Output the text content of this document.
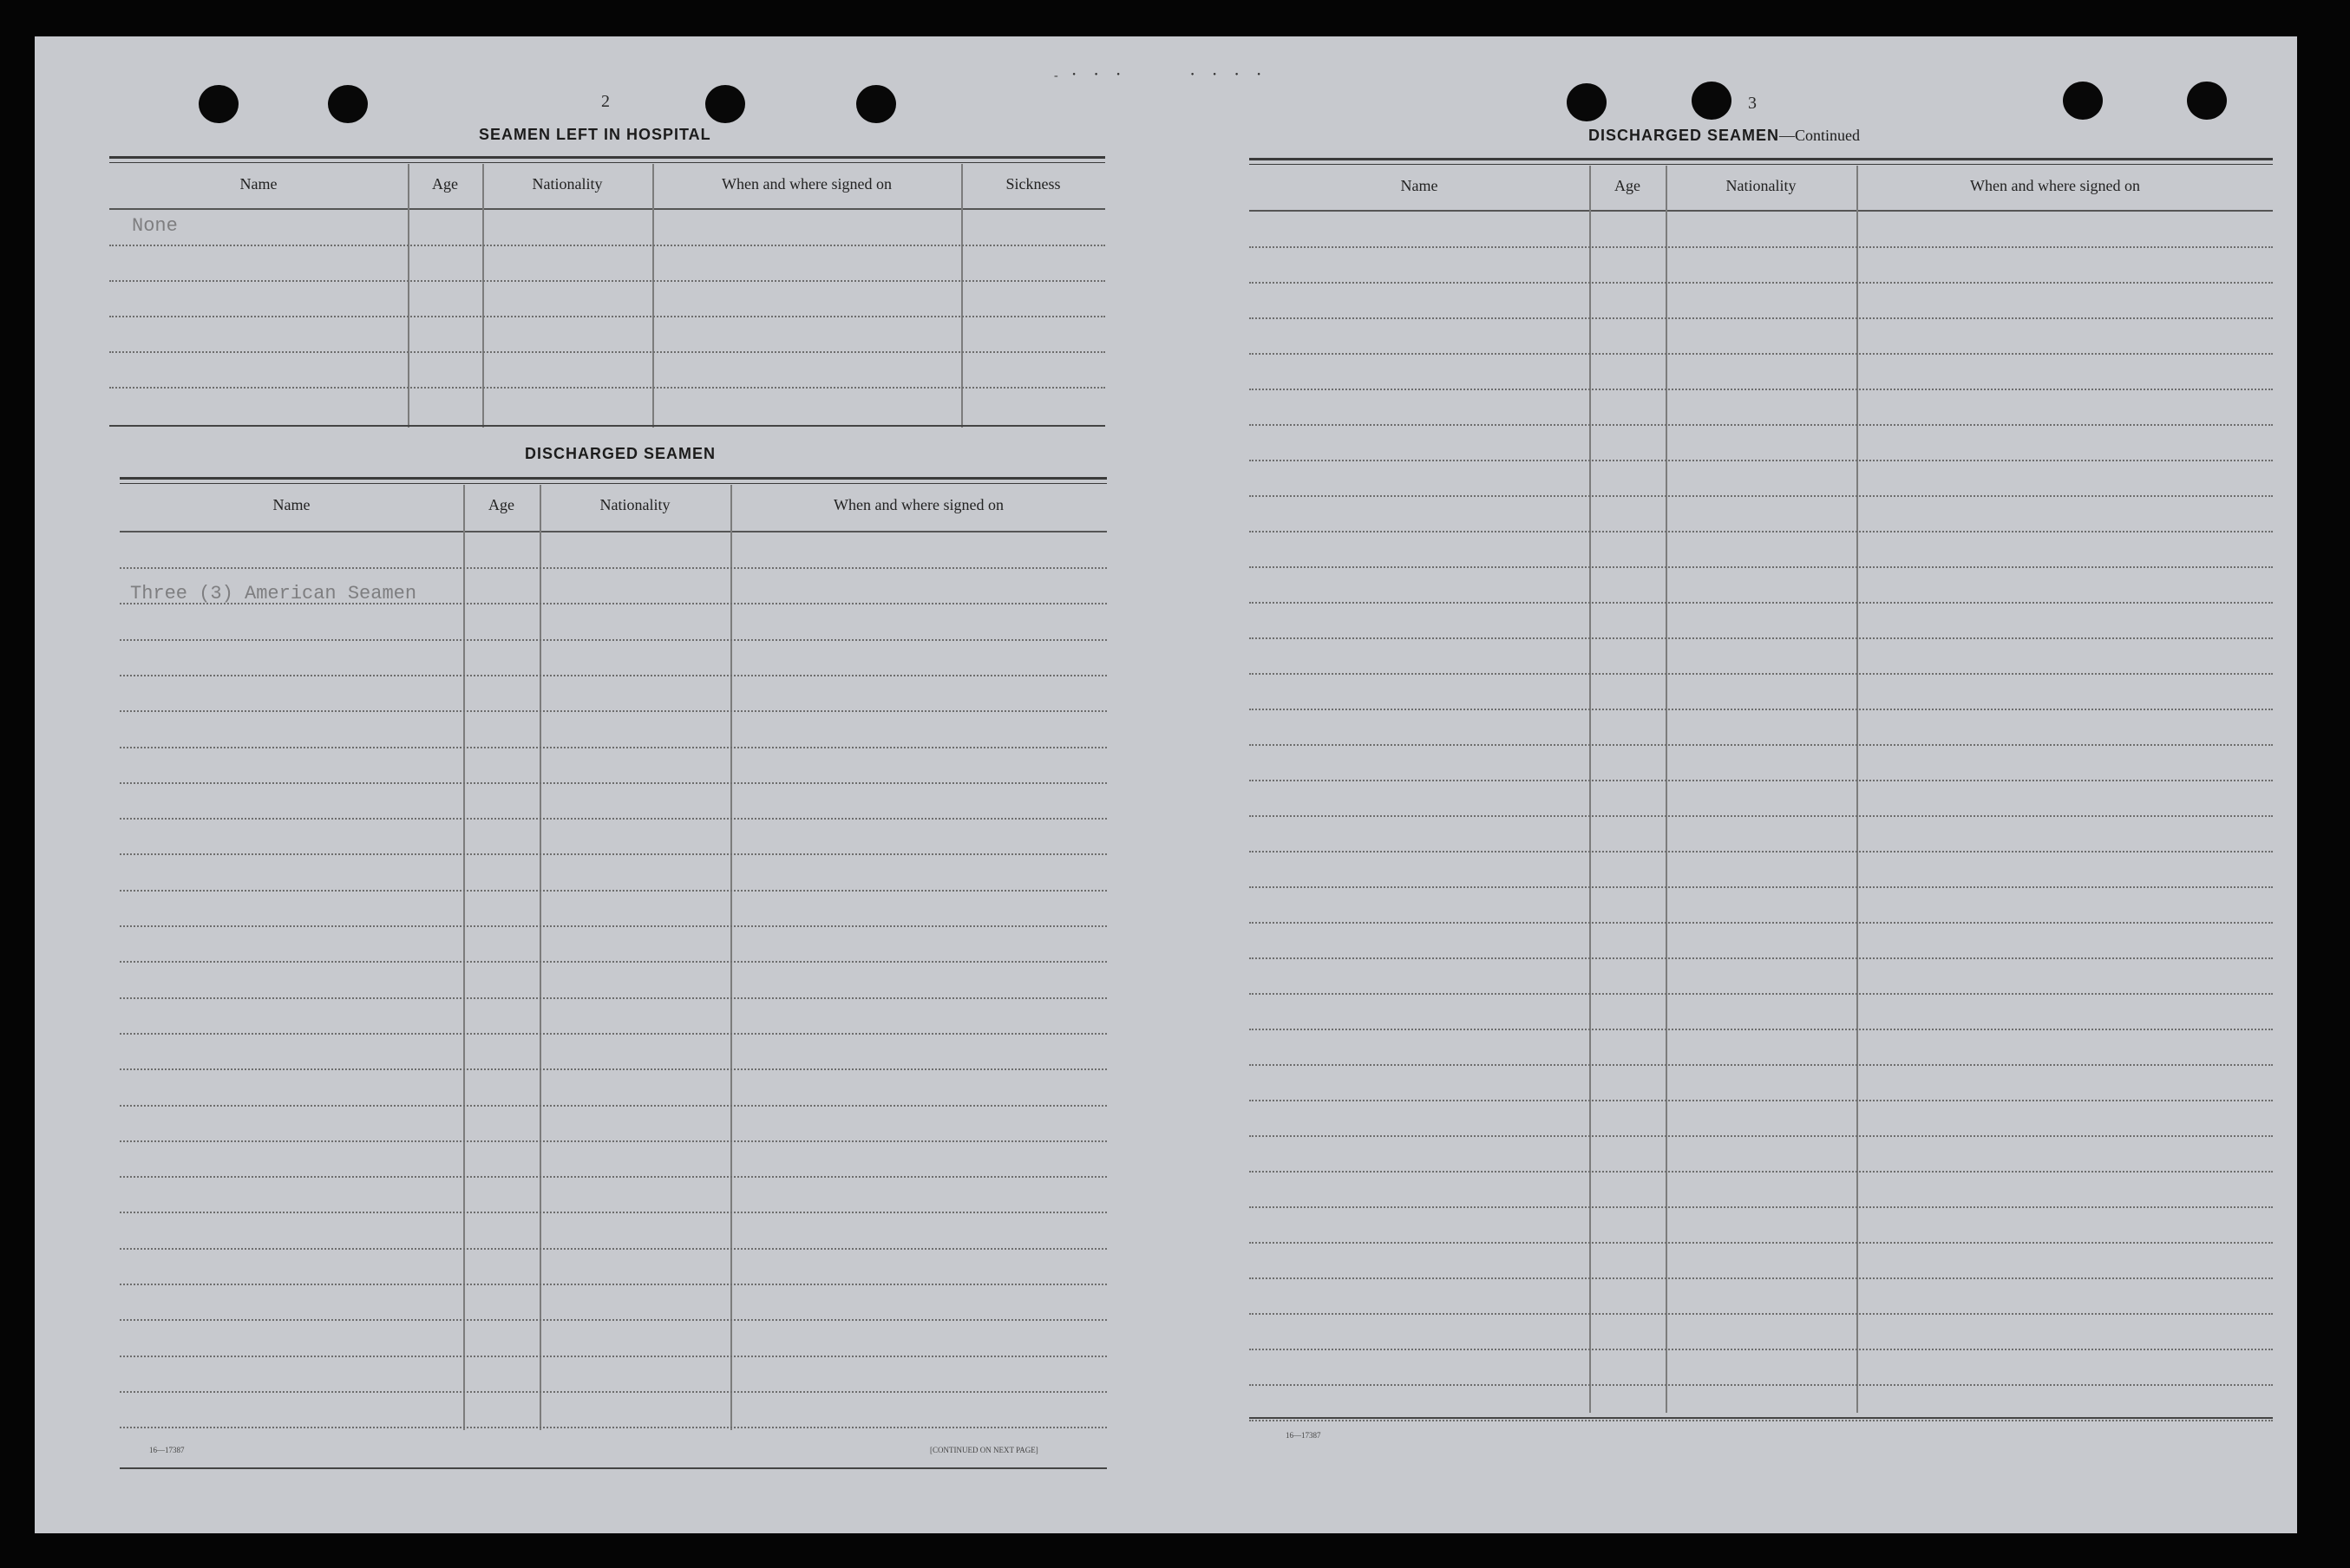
- ・ ・ ・         ・ ・ ・ ・
2
SEAMEN LEFT IN HOSPITAL
Name	Age	Nationality	When and where signed on	Sickness
None
DISCHARGED SEAMEN
Name	Age	Nationality	When and where signed on
Three (3) American Seamen
16—17387	[CONTINUED ON NEXT PAGE]
3
DISCHARGED SEAMEN—Continued
Name	Age	Nationality	When and where signed on
16—17387
